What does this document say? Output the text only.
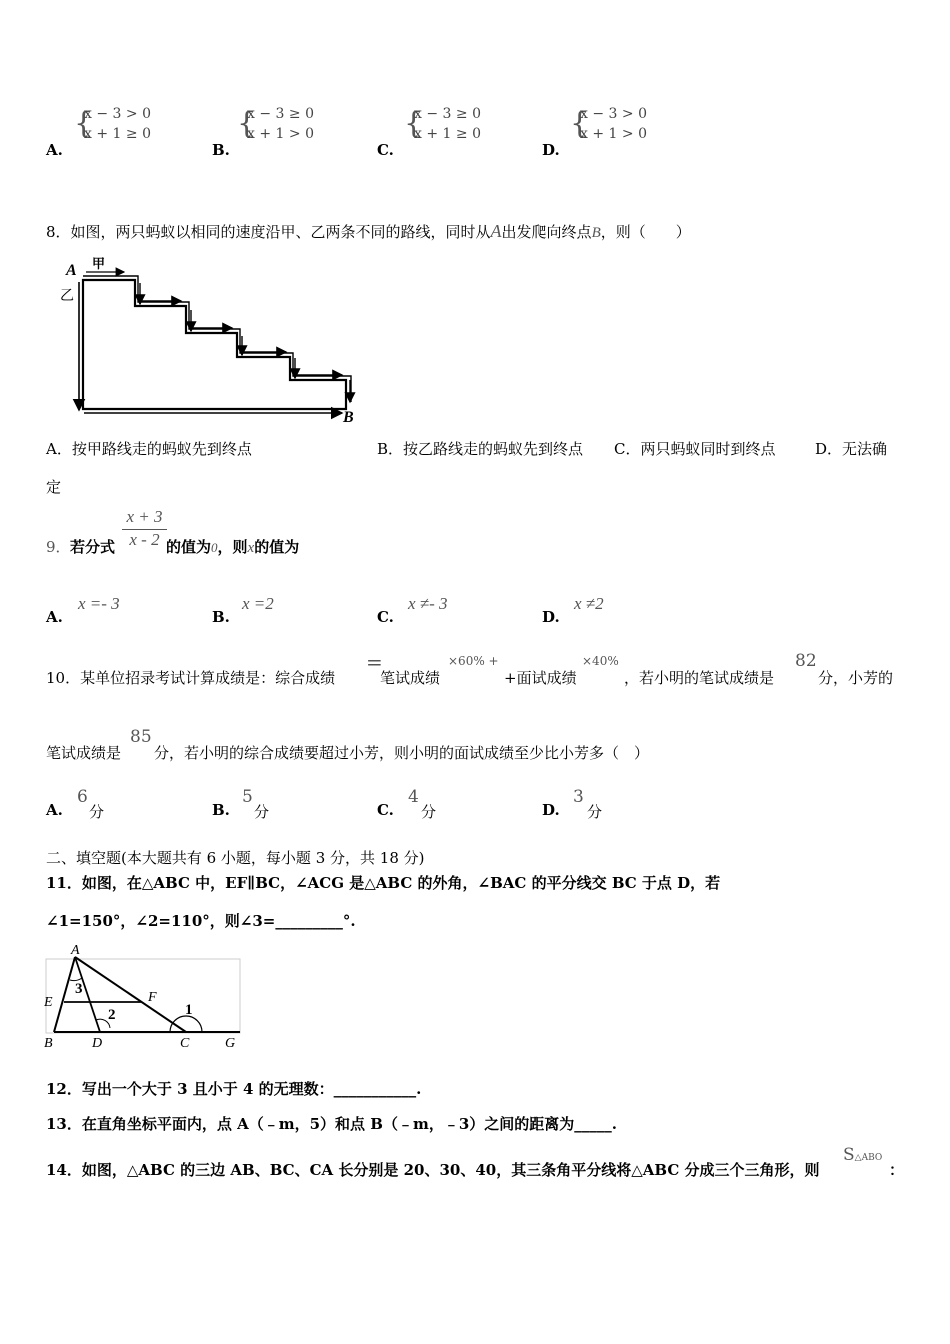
A.
{
x − 3 > 0
x + 1 ≥ 0
B.
{
x − 3 ≥ 0
x + 1 > 0
C.
{
x − 3 ≥ 0
x + 1 ≥ 0
D.
{
x − 3 > 0
x + 1 > 0
8．如图，两只蚂蚁以相同的速度沿甲、乙两条不同的路线，同时从A出发爬向终点B，则（　　）
A 甲
乙
B
A．按甲路线走的蚂蚁先到终点	B．按乙路线走的蚂蚁先到终点 C．两只蚂蚁同时到终点	D．无法确
定
9． 若分式
x + 3
x - 2 的值为0，则x的值为
A.
x =- 3
B.
x =2
C.
x ≠- 3
D.
x ≠2
10．某单位招录考试计算成绩是：综合成绩
=
笔试成绩
×60% +
+面试成绩
×40%
，若小明的笔试成绩是
82
分，小芳的
笔试成绩是
85
分，若小明的综合成绩要超过小芳，则小明的面试成绩至少比小芳多（　）
A.
6
分	B.
5
分	C.
4
分	D.
3
分
二、填空题(本大题共有 6 小题，每小题 3 分，共 18 分)
11．如图，在△ABC 中，EF∥BC，∠ACG 是△ABC 的外角，∠BAC 的平分线交 BC 于点 D，若
∠1=150°，∠2=110°，则∠3=_________°.
A
E	F
B	D	C	G
1
2
3
12．写出一个大于 3 且小于 4 的无理数：___________.
13．在直角坐标平面内，点 A（﹣m，5）和点 B（﹣m，﹣3）之间的距离为_____.
14．如图，△ABC 的三边 AB、BC、CA 长分别是 20、30、40，其三条角平分线将△ABC 分成三个三角形，则
S△ABO
：
